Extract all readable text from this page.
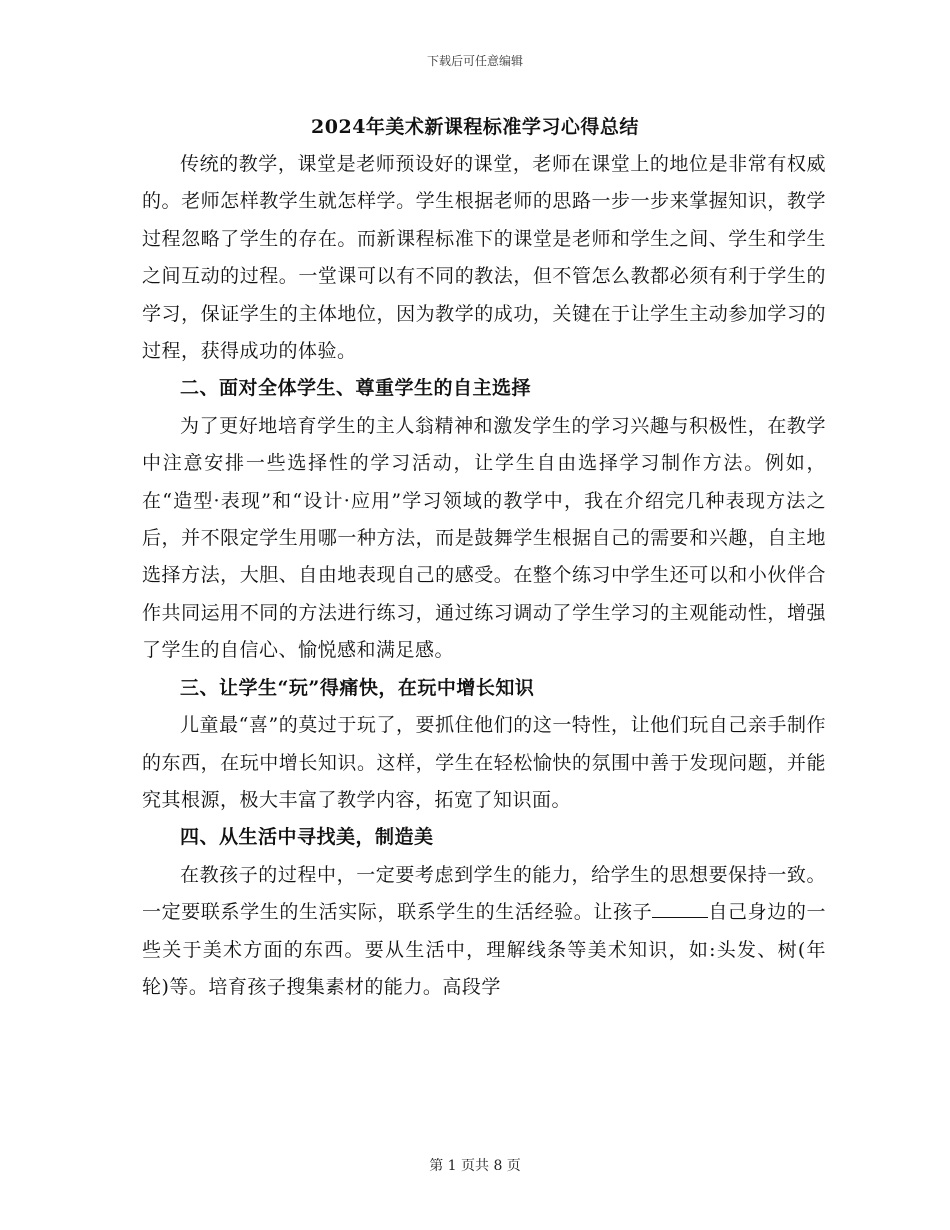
下载后可任意编辑
2024年美术新课程标准学习心得总结

传统的教学，课堂是老师预设好的课堂，老师在课堂上的地位是非常有权威的。老师怎样教学生就怎样学。学生根据老师的思路一步一步来掌握知识，教学过程忽略了学生的存在。而新课程标准下的课堂是老师和学生之间、学生和学生之间互动的过程。一堂课可以有不同的教法，但不管怎么教都必须有利于学生的学习，保证学生的主体地位，因为教学的成功，关键在于让学生主动参加学习的过程，获得成功的体验。

二、面对全体学生、尊重学生的自主选择

为了更好地培育学生的主人翁精神和激发学生的学习兴趣与积极性，在教学中注意安排一些选择性的学习活动，让学生自由选择学习制作方法。例如，在“造型·表现”和“设计·应用”学习领域的教学中，我在介绍完几种表现方法之后，并不限定学生用哪一种方法，而是鼓舞学生根据自己的需要和兴趣，自主地选择方法，大胆、自由地表现自己的感受。在整个练习中学生还可以和小伙伴合作共同运用不同的方法进行练习，通过练习调动了学生学习的主观能动性，增强了学生的自信心、愉悦感和满足感。

三、让学生“玩”得痛快，在玩中增长知识

儿童最“喜”的莫过于玩了，要抓住他们的这一特性，让他们玩自己亲手制作的东西，在玩中增长知识。这样，学生在轻松愉快的氛围中善于发现问题，并能究其根源，极大丰富了教学内容，拓宽了知识面。

四、从生活中寻找美，制造美

在教孩子的过程中，一定要考虑到学生的能力，给学生的思想要保持一致。一定要联系学生的生活实际，联系学生的生活经验。让孩子	自己身边的一些关于美术方面的东西。要从生活中，理解线条等美术知识，如:头发、树(年轮)等。培育孩子搜集素材的能力。高段学

第 1 页共 8 页
